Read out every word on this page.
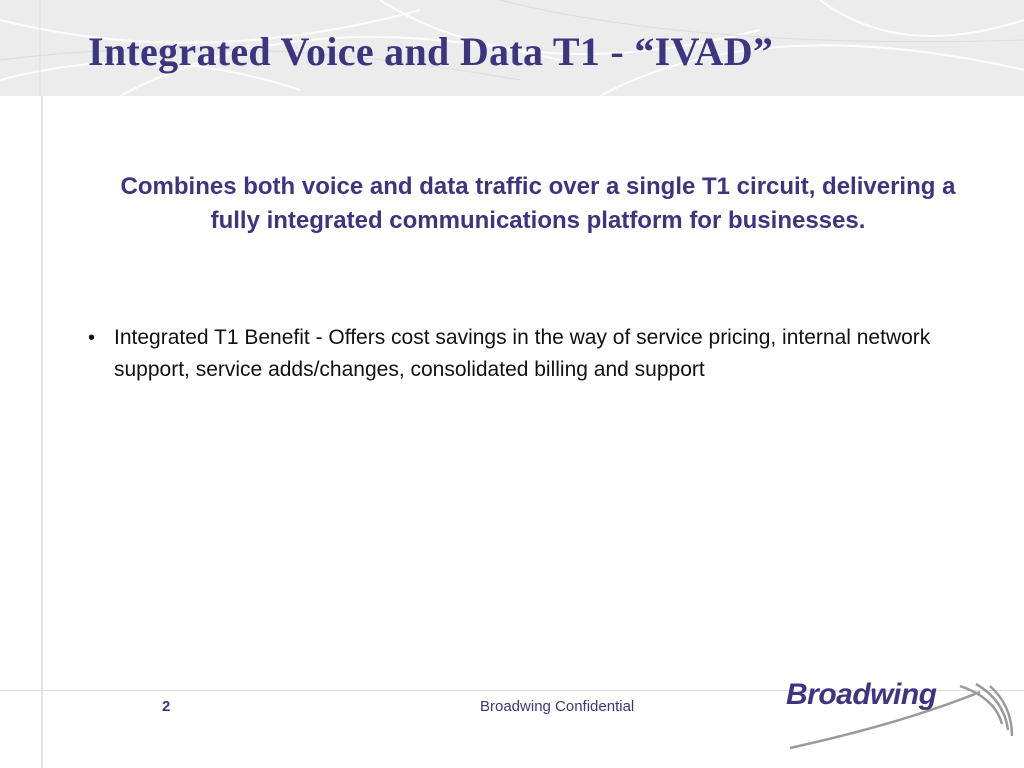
Integrated Voice and Data T1 - “IVAD”
Combines both voice and data traffic over a single T1 circuit, delivering a fully integrated communications platform for businesses.
• Integrated T1 Benefit - Offers cost savings in the way of service pricing, internal network support, service adds/changes, consolidated billing and support
2	Broadwing Confidential	Broadwing
